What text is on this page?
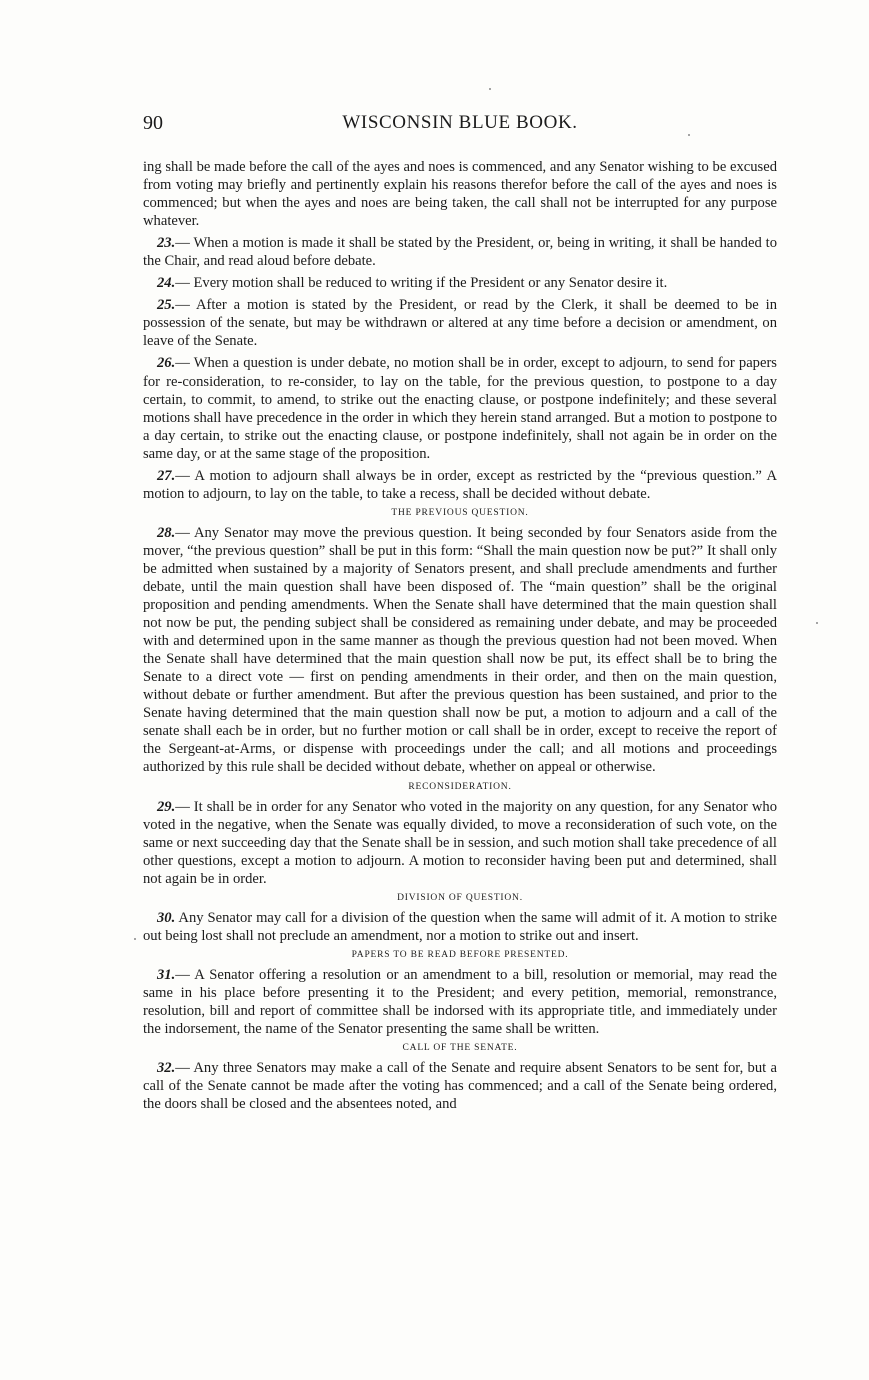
90	WISCONSIN BLUE BOOK.

ing shall be made before the call of the ayes and noes is commenced, and any Senator wishing to be excused from voting may briefly and pertinently explain his reasons therefor before the call of the ayes and noes is commenced; but when the ayes and noes are being taken, the call shall not be interrupted for any purpose whatever.

23.— When a motion is made it shall be stated by the President, or, being in writing, it shall be handed to the Chair, and read aloud before debate.

24.— Every motion shall be reduced to writing if the President or any Senator desire it.

25.— After a motion is stated by the President, or read by the Clerk, it shall be deemed to be in possession of the senate, but may be withdrawn or altered at any time before a decision or amendment, on leave of the Senate.

26.— When a question is under debate, no motion shall be in order, except to adjourn, to send for papers for re-consideration, to re-consider, to lay on the table, for the previous question, to postpone to a day certain, to commit, to amend, to strike out the enacting clause, or postpone indefinitely; and these several motions shall have precedence in the order in which they herein stand arranged. But a motion to postpone to a day certain, to strike out the enacting clause, or postpone indefinitely, shall not again be in order on the same day, or at the same stage of the proposition.

27.— A motion to adjourn shall always be in order, except as restricted by the “previous question.” A motion to adjourn, to lay on the table, to take a recess, shall be decided without debate.

THE PREVIOUS QUESTION.

28.— Any Senator may move the previous question. It being seconded by four Senators aside from the mover, “the previous question” shall be put in this form: “Shall the main question now be put?” It shall only be admitted when sustained by a majority of Senators present, and shall preclude amendments and further debate, until the main question shall have been disposed of. The “main question” shall be the original proposition and pending amendments. When the Senate shall have determined that the main question shall not now be put, the pending subject shall be considered as remaining under debate, and may be proceeded with and determined upon in the same manner as though the previous question had not been moved. When the Senate shall have determined that the main question shall now be put, its effect shall be to bring the Senate to a direct vote — first on pending amendments in their order, and then on the main question, without debate or further amendment. But after the previous question has been sustained, and prior to the Senate having determined that the main question shall now be put, a motion to adjourn and a call of the senate shall each be in order, but no further motion or call shall be in order, except to receive the report of the Sergeant-at-Arms, or dispense with proceedings under the call; and all motions and proceedings authorized by this rule shall be decided without debate, whether on appeal or otherwise.

RECONSIDERATION.

29.— It shall be in order for any Senator who voted in the majority on any question, for any Senator who voted in the negative, when the Senate was equally divided, to move a reconsideration of such vote, on the same or next succeeding day that the Senate shall be in session, and such motion shall take precedence of all other questions, except a motion to adjourn. A motion to reconsider having been put and determined, shall not again be in order.

DIVISION OF QUESTION.

30. Any Senator may call for a division of the question when the same will admit of it. A motion to strike out being lost shall not preclude an amendment, nor a motion to strike out and insert.

PAPERS TO BE READ BEFORE PRESENTED.

31.— A Senator offering a resolution or an amendment to a bill, resolution or memorial, may read the same in his place before presenting it to the President; and every petition, memorial, remonstrance, resolution, bill and report of committee shall be indorsed with its appropriate title, and immediately under the indorsement, the name of the Senator presenting the same shall be written.

CALL OF THE SENATE.

32.— Any three Senators may make a call of the Senate and require absent Senators to be sent for, but a call of the Senate cannot be made after the voting has commenced; and a call of the Senate being ordered, the doors shall be closed and the absentees noted, and
